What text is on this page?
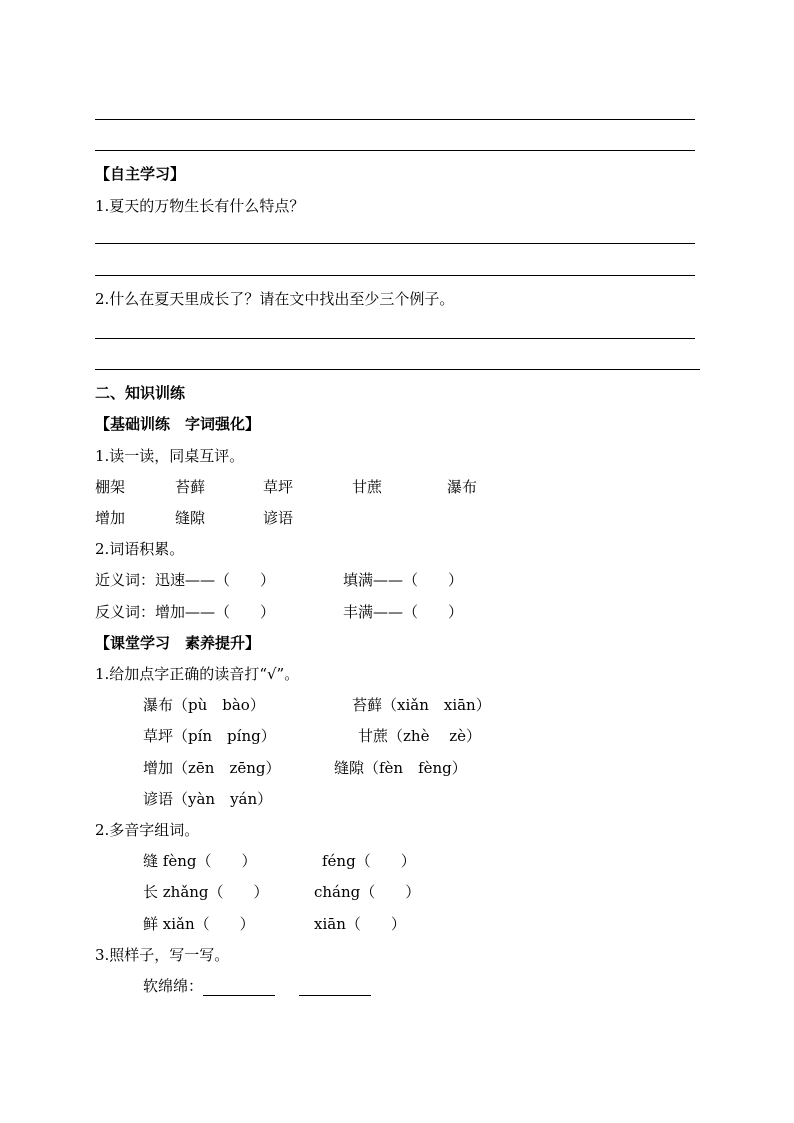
【自主学习】
1.夏天的万物生长有什么特点？
2.什么在夏天里成长了？请在文中找出至少三个例子。
二、知识训练
【基础训练　字词强化】
1.读一读，同桌互评。
棚架	苔藓	草坪	甘蔗	瀑布
增加	缝隙	谚语
2.词语积累。
近义词：迅速——（　　）	填满——（　　）
反义词：增加——（　　）	丰满——（　　）
【课堂学习　素养提升】
1.给加点字正确的读音打“√”。
瀑布（pù　bào）	苔藓（xiǎn　xiān）
草坪（pín　píng）	甘蔗（zhè　 zè）
增加（zēn　zēng）	缝隙（fèn　fèng）
谚语（yàn　yán）
2.多音字组词。
缝 fèng（　　）	féng（　　）
长 zhǎng（　　）	cháng（　　）
鲜 xiǎn（　　）	xiān（　　）
3.照样子，写一写。
软绵绵：
